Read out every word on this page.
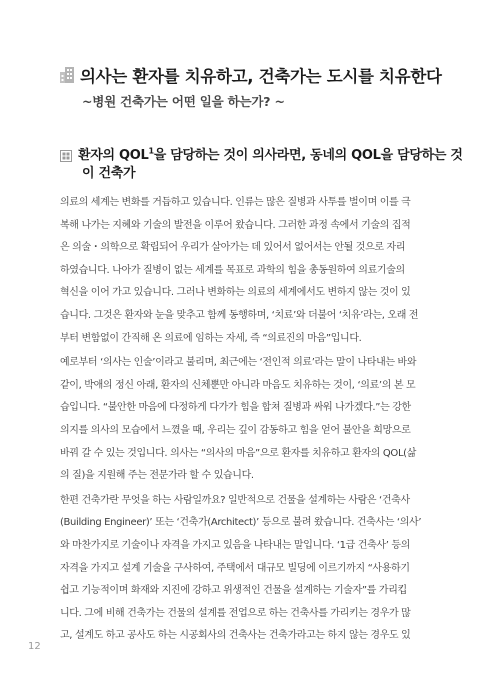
의사는 환자를 치유하고, 건축가는 도시를 치유한다
~병원 건축가는 어떤 일을 하는가? ~
환자의 QOL$^1$을 담당하는 것이 의사라면, 동네의 QOL을 담당하는 것
이 건축가
의료의 세계는 변화를 거듭하고 있습니다. 인류는 많은 질병과 사투를 벌이며 이를 극
복해 나가는 지혜와 기술의 발전을 이루어 왔습니다. 그러한 과정 속에서 기술의 집적
은 의술・의학으로 확립되어 우리가 살아가는 데 있어서 없어서는 안될 것으로 자리
하였습니다. 나아가 질병이 없는 세계를 목표로 과학의 힘을 총동원하여 의료기술의
혁신을 이어 가고 있습니다. 그러나 변화하는 의료의 세계에서도 변하지 않는 것이 있
습니다. 그것은 환자와 눈을 맞추고 함께 동행하며, ‘치료’와 더불어 ‘치유’라는, 오래 전
부터 변함없이 간직해 온 의료에 임하는 자세, 즉 “의료진의 마음”입니다.
예로부터 ‘의사는 인술’이라고 불리며, 최근에는 ‘전인적 의료’라는 말이 나타내는 바와
같이, 박애의 정신 아래, 환자의 신체뿐만 아니라 마음도 치유하는 것이, ‘의료’의 본 모
습입니다. “불안한 마음에 다정하게 다가가 힘을 합쳐 질병과 싸워 나가겠다.”는 강한
의지를 의사의 모습에서 느꼈을 때, 우리는 깊이 감동하고 힘을 얻어 불안을 희망으로
바꿔 갈 수 있는 것입니다. 의사는 “의사의 마음”으로 환자를 치유하고 환자의 QOL(삶
의 질)을 지원해 주는 전문가라 할 수 있습니다.
한편 건축가란 무엇을 하는 사람일까요? 일반적으로 건물을 설계하는 사람은 ‘건축사
(Building Engineer)’ 또는 ‘건축가(Architect)’ 등으로 불려 왔습니다. 건축사는 ‘의사’
와 마찬가지로 기술이나 자격을 가지고 있음을 나타내는 말입니다. ‘1급 건축사’ 등의
자격을 가지고 설계 기술을 구사하여, 주택에서 대규모 빌딩에 이르기까지 “사용하기
쉽고 기능적이며 화재와 지진에 강하고 위생적인 건물을 설계하는 기술자”를 가리킵
니다. 그에 비해 건축가는 건물의 설계를 전업으로 하는 건축사를 가리키는 경우가 많
고, 설계도 하고 공사도 하는 시공회사의 건축사는 건축가라고는 하지 않는 경우도 있
12
